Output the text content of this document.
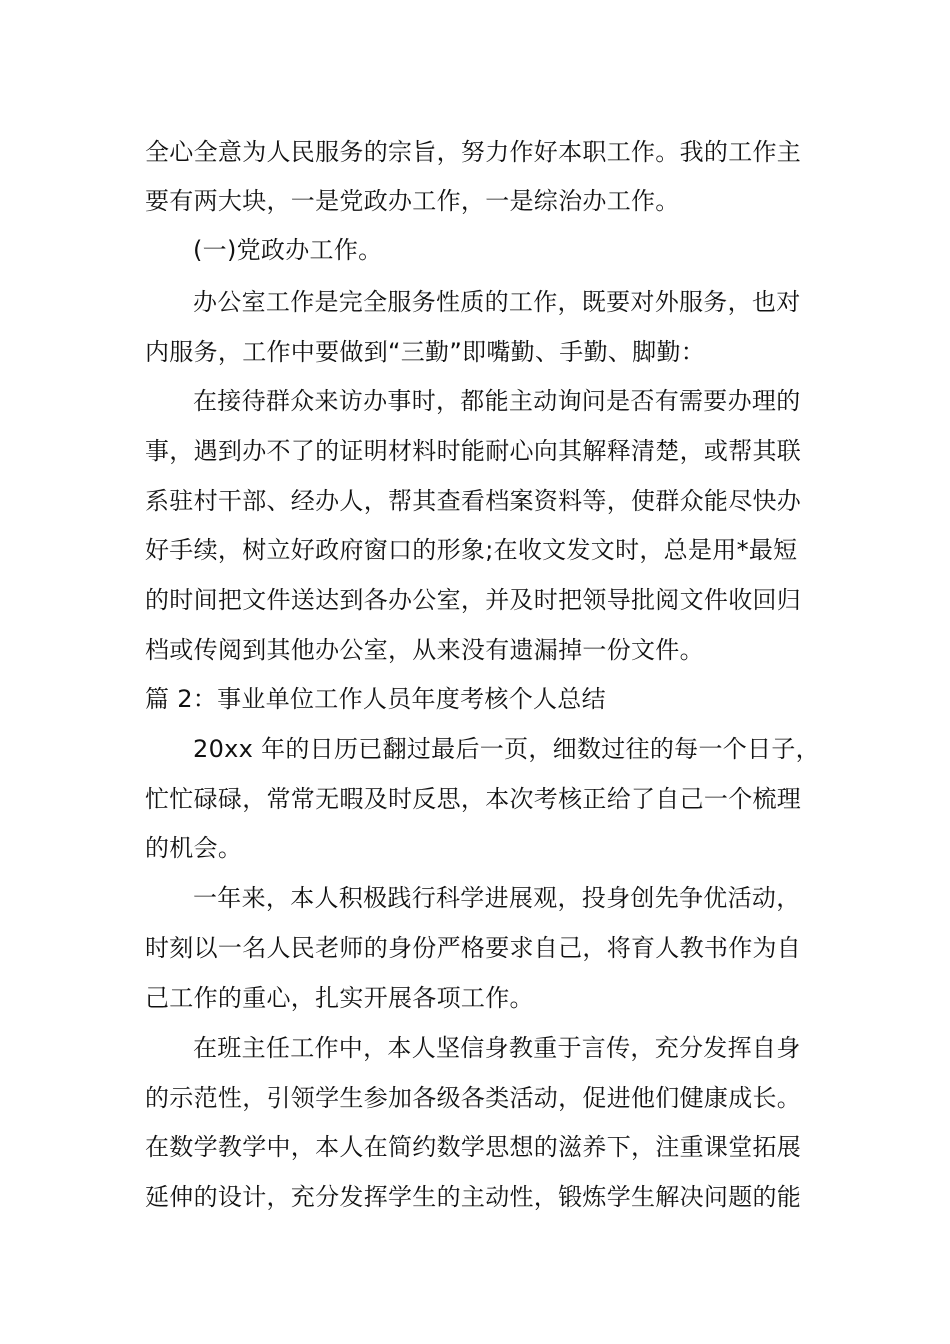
全心全意为人民服务的宗旨，努力作好本职工作。我的工作主
要有两大块，一是党政办工作，一是综治办工作。
(一)党政办工作。
办公室工作是完全服务性质的工作，既要对外服务，也对
内服务，工作中要做到“三勤”即嘴勤、手勤、脚勤：
在接待群众来访办事时，都能主动询问是否有需要办理的
事，遇到办不了的证明材料时能耐心向其解释清楚，或帮其联
系驻村干部、经办人，帮其查看档案资料等，使群众能尽快办
好手续，树立好政府窗口的形象;在收文发文时，总是用*最短
的时间把文件送达到各办公室，并及时把领导批阅文件收回归
档或传阅到其他办公室，从来没有遗漏掉一份文件。
篇 2：事业单位工作人员年度考核个人总结
20xx 年的日历已翻过最后一页，细数过往的每一个日子，
忙忙碌碌，常常无暇及时反思，本次考核正给了自己一个梳理
的机会。
一年来，本人积极践行科学进展观，投身创先争优活动，
时刻以一名人民老师的身份严格要求自己，将育人教书作为自
己工作的重心，扎实开展各项工作。
在班主任工作中，本人坚信身教重于言传，充分发挥自身
的示范性，引领学生参加各级各类活动，促进他们健康成长。
在数学教学中，本人在简约数学思想的滋养下，注重课堂拓展
延伸的设计，充分发挥学生的主动性，锻炼学生解决问题的能
